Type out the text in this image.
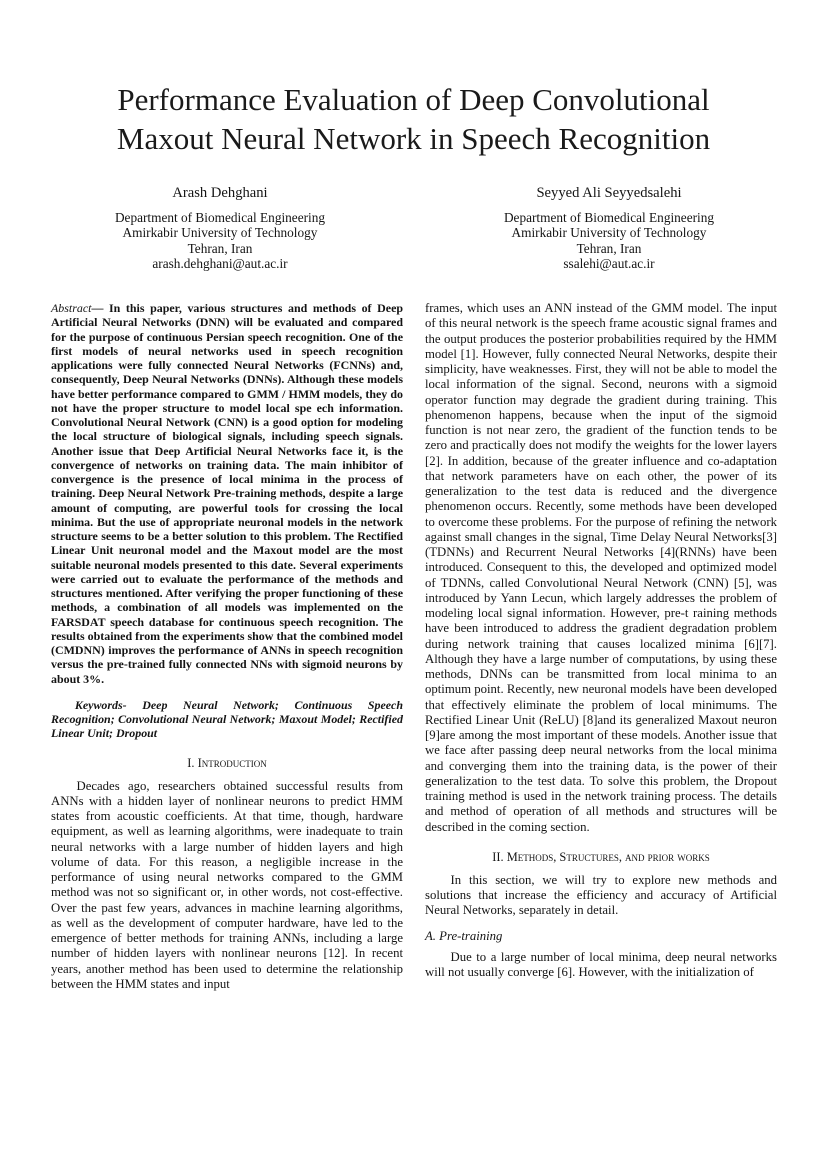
Performance Evaluation of Deep Convolutional
Maxout Neural Network in Speech Recognition
Arash Dehghani
Department of Biomedical Engineering
Amirkabir University of Technology
Tehran, Iran
arash.dehghani@aut.ac.ir
Seyyed Ali Seyyedsalehi
Department of Biomedical Engineering
Amirkabir University of Technology
Tehran, Iran
ssalehi@aut.ac.ir

Abstract— In this paper, various structures and methods of Deep Artificial Neural Networks (DNN) will be evaluated and compared for the purpose of continuous Persian speech recognition. One of the first models of neural networks used in speech recognition applications were fully connected Neural Networks (FCNNs) and, consequently, Deep Neural Networks (DNNs). Although these models have better performance compared to GMM / HMM models, they do not have the proper structure to model local spe ech information. Convolutional Neural Network (CNN) is a good option for modeling the local structure of biological signals, including speech signals. Another issue that Deep Artificial Neural Networks face it, is the convergence of networks on training data. The main inhibitor of convergence is the presence of local minima in the process of training. Deep Neural Network Pre-training methods, despite a large amount of computing, are powerful tools for crossing the local minima. But the use of appropriate neuronal models in the network structure seems to be a better solution to this problem. The Rectified Linear Unit neuronal model and the Maxout model are the most suitable neuronal models presented to this date. Several experiments were carried out to evaluate the performance of the methods and structures mentioned. After verifying the proper functioning of these methods, a combination of all models was implemented on the FARSDAT speech database for continuous speech recognition. The results obtained from the experiments show that the combined model (CMDNN) improves the performance of ANNs in speech recognition versus the pre-trained fully connected NNs with sigmoid neurons by about 3%.

Keywords- Deep Neural Network; Continuous Speech Recognition; Convolutional Neural Network; Maxout Model; Rectified Linear Unit; Dropout

I. Introduction

Decades ago, researchers obtained successful results from ANNs with a hidden layer of nonlinear neurons to predict HMM states from acoustic coefficients. At that time, though, hardware equipment, as well as learning algorithms, were inadequate to train neural networks with a large number of hidden layers and high volume of data. For this reason, a negligible increase in the performance of using neural networks compared to the GMM method was not so significant or, in other words, not cost-effective. Over the past few years, advances in machine learning algorithms, as well as the development of computer hardware, have led to the emergence of better methods for training ANNs, including a large number of hidden layers with nonlinear neurons [12]. In recent years, another method has been used to determine the relationship between the HMM states and input

frames, which uses an ANN instead of the GMM model. The input of this neural network is the speech frame acoustic signal frames and the output produces the posterior probabilities required by the HMM model [1]. However, fully connected Neural Networks, despite their simplicity, have weaknesses. First, they will not be able to model the local information of the signal. Second, neurons with a sigmoid operator function may degrade the gradient during training. This phenomenon happens, because when the input of the sigmoid function is not near zero, the gradient of the function tends to be zero and practically does not modify the weights for the lower layers [2]. In addition, because of the greater influence and co-adaptation that network parameters have on each other, the power of its generalization to the test data is reduced and the divergence phenomenon occurs. Recently, some methods have been developed to overcome these problems. For the purpose of refining the network against small changes in the signal, Time Delay Neural Networks[3] (TDNNs) and Recurrent Neural Networks [4](RNNs) have been introduced. Consequent to this, the developed and optimized model of TDNNs, called Convolutional Neural Network (CNN) [5], was introduced by Yann Lecun, which largely addresses the problem of modeling local signal information. However, pre-t raining methods have been introduced to address the gradient degradation problem during network training that causes localized minima [6][7]. Although they have a large number of computations, by using these methods, DNNs can be transmitted from local minima to an optimum point. Recently, new neuronal models have been developed that effectively eliminate the problem of local minimums. The Rectified Linear Unit (ReLU) [8]and its generalized Maxout neuron [9]are among the most important of these models. Another issue that we face after passing deep neural networks from the local minima and converging them into the training data, is the power of their generalization to the test data. To solve this problem, the Dropout training method is used in the network training process. The details and method of operation of all methods and structures will be described in the coming section.

II. Methods, Structures, and prior works

In this section, we will try to explore new methods and solutions that increase the efficiency and accuracy of Artificial Neural Networks, separately in detail.

A. Pre-training

Due to a large number of local minima, deep neural networks will not usually converge [6]. However, with the initialization of
